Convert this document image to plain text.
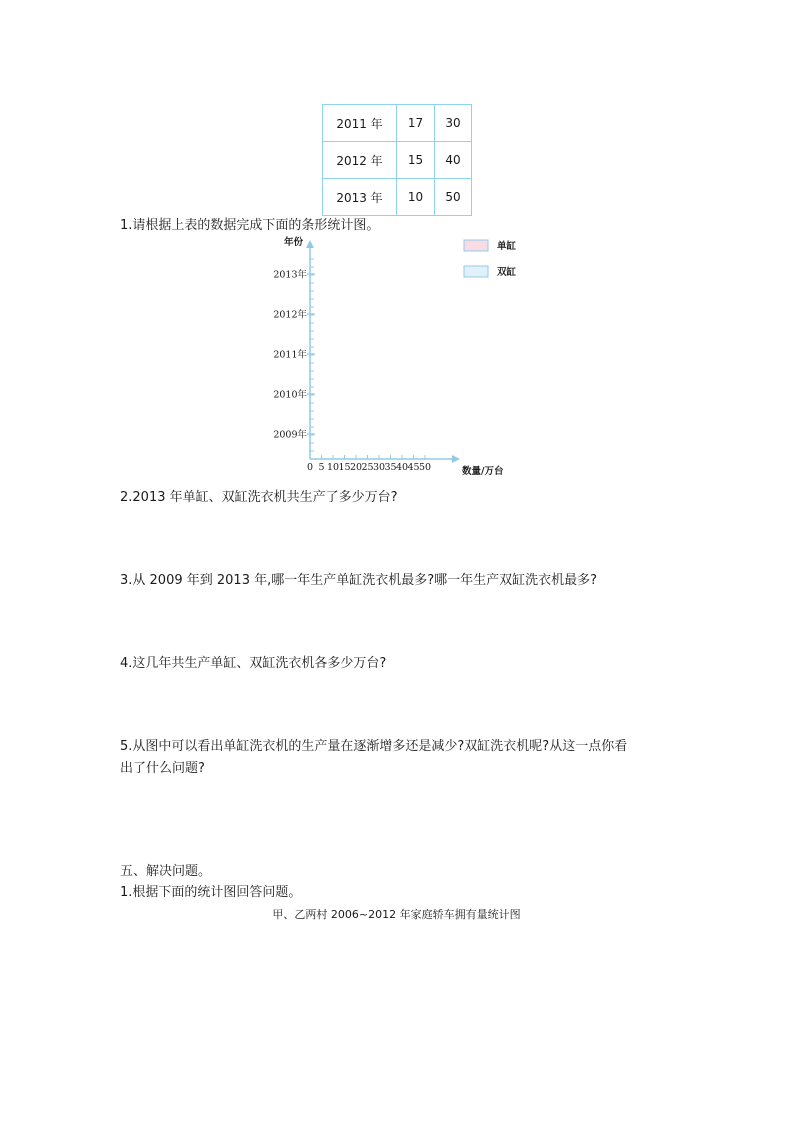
2011 年	17	30
2012 年	15	40
2013 年	10	50
1.请根据上表的数据完成下面的条形统计图。
2009年
2010年
2011年
2012年
2013年
年份
0 5 10 15 20 25 30 35 40 45 50	数量/万台
单缸
双缸
2.2013 年单缸、双缸洗衣机共生产了多少万台?
3.从 2009 年到 2013 年,哪一年生产单缸洗衣机最多?哪一年生产双缸洗衣机最多?
4.这几年共生产单缸、双缸洗衣机各多少万台?
5.从图中可以看出单缸洗衣机的生产量在逐渐增多还是减少?双缸洗衣机呢?从这一点你看
出了什么问题?
五、解决问题。
1.根据下面的统计图回答问题。
甲、乙两村 2006~2012 年家庭轿车拥有量统计图
